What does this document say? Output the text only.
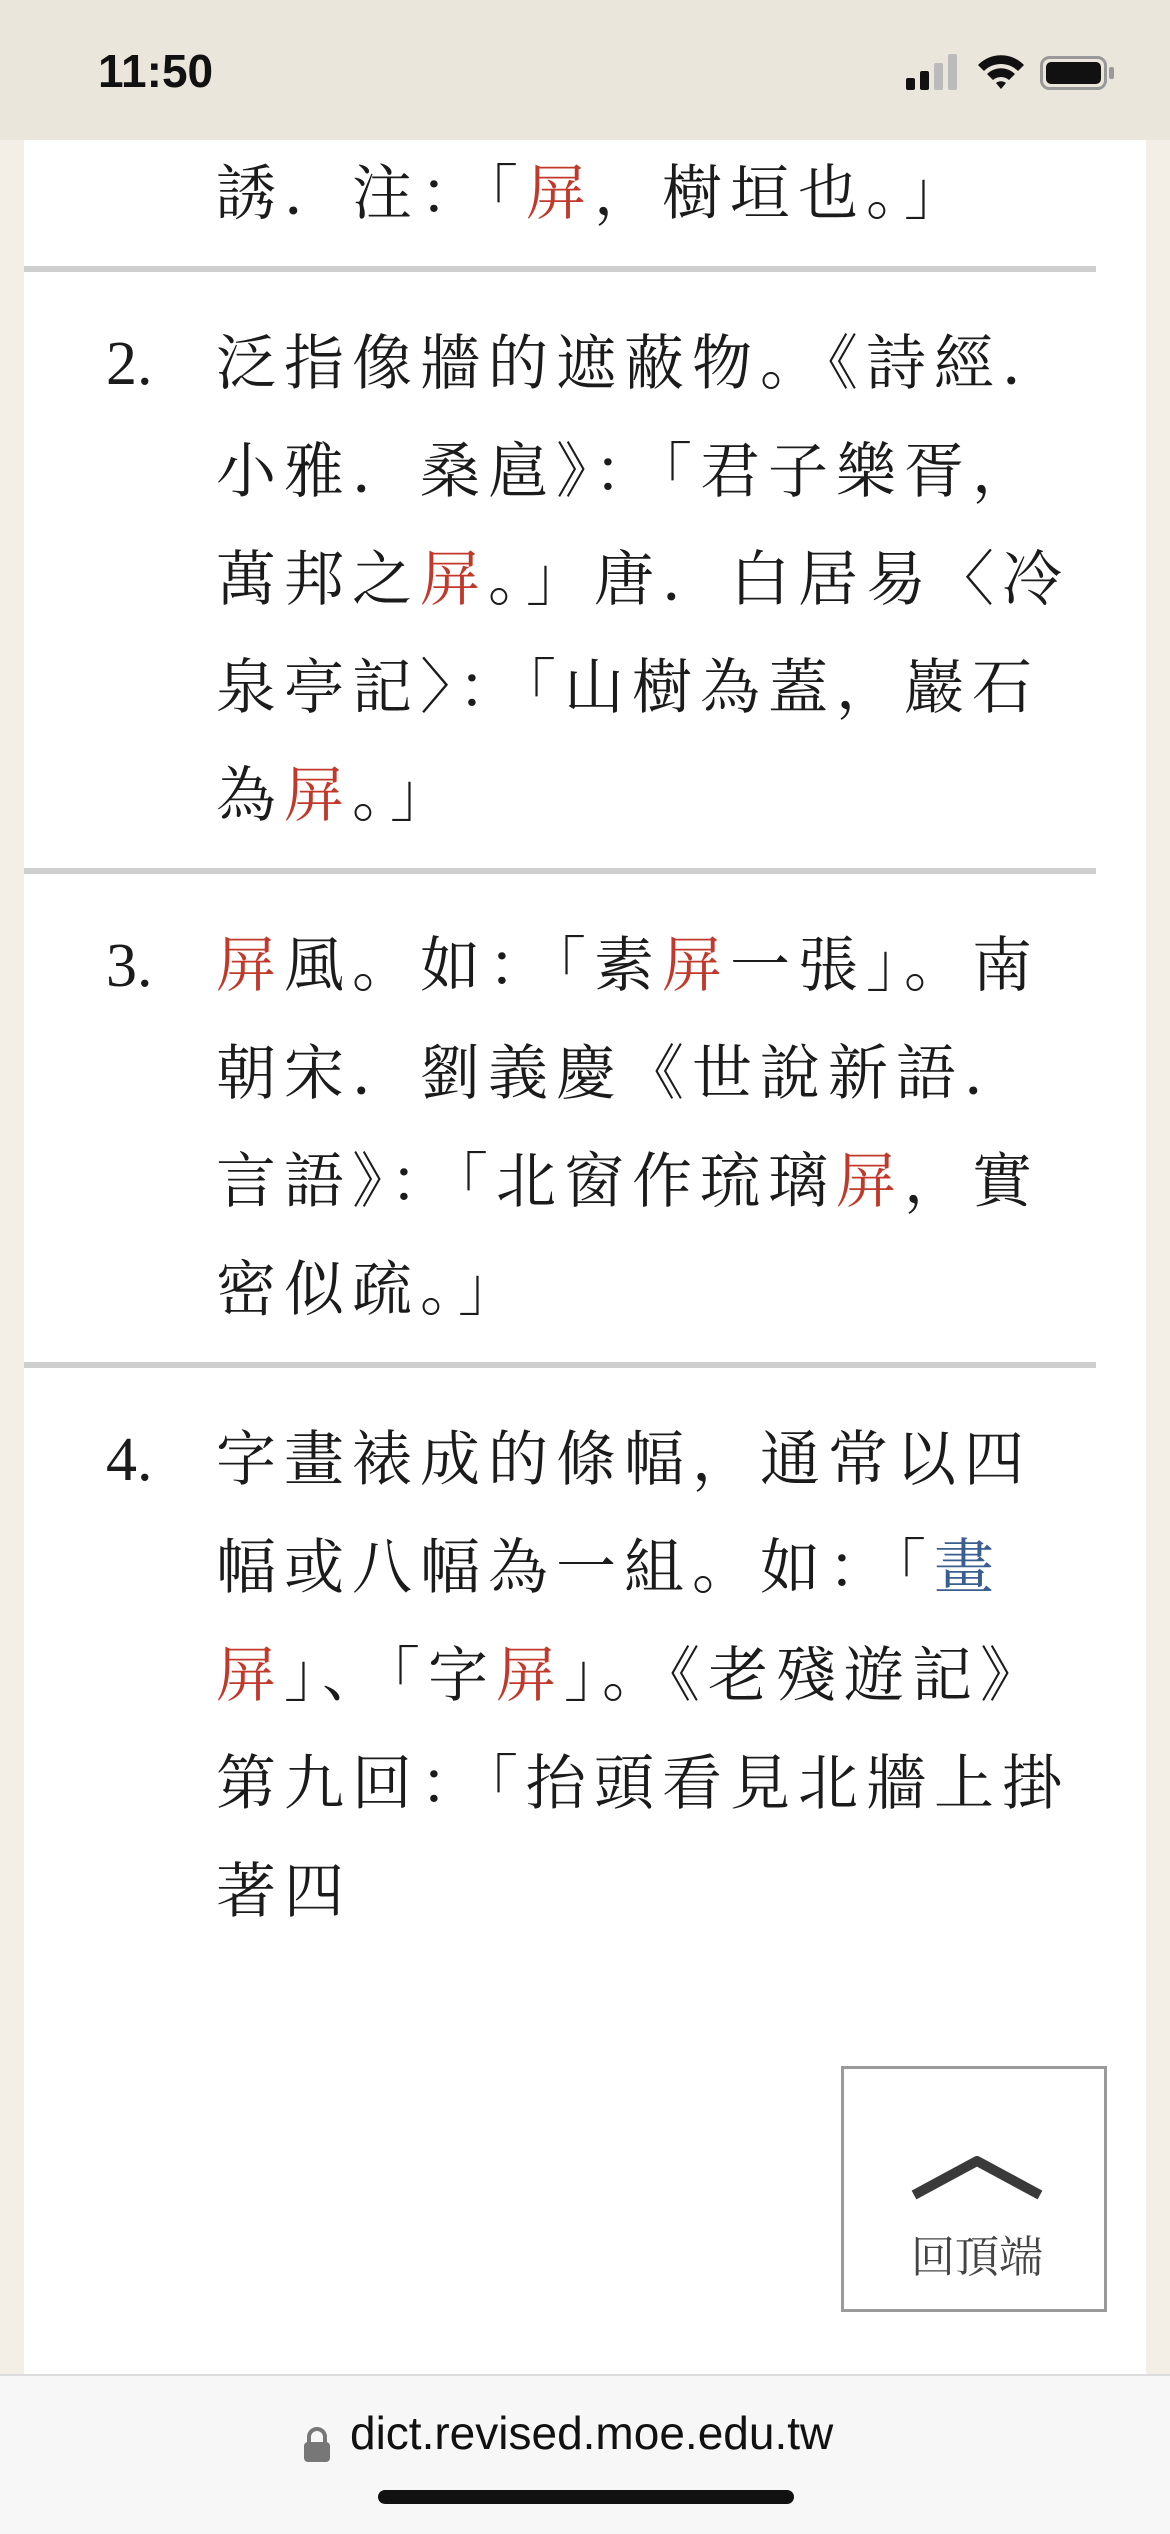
11:50
誘．注：「屏，樹垣也。」
2. 泛指像牆的遮蔽物。《詩經．小雅．桑扈》：「君子樂胥，萬邦之屏。」唐．白居易〈冷泉亭記〉：「山樹為蓋，巖石為屏。」
3. 屏風。如：「素屏一張」。南朝宋．劉義慶《世說新語．言語》：「北窗作琉璃屏，實密似疏。」
4. 字畫裱成的條幅，通常以四幅或八幅為一組。如：「畫屏」、「字屏」。《老殘遊記》第九回：「抬頭看見北牆上掛著四
回頂端
dict.revised.moe.edu.tw
